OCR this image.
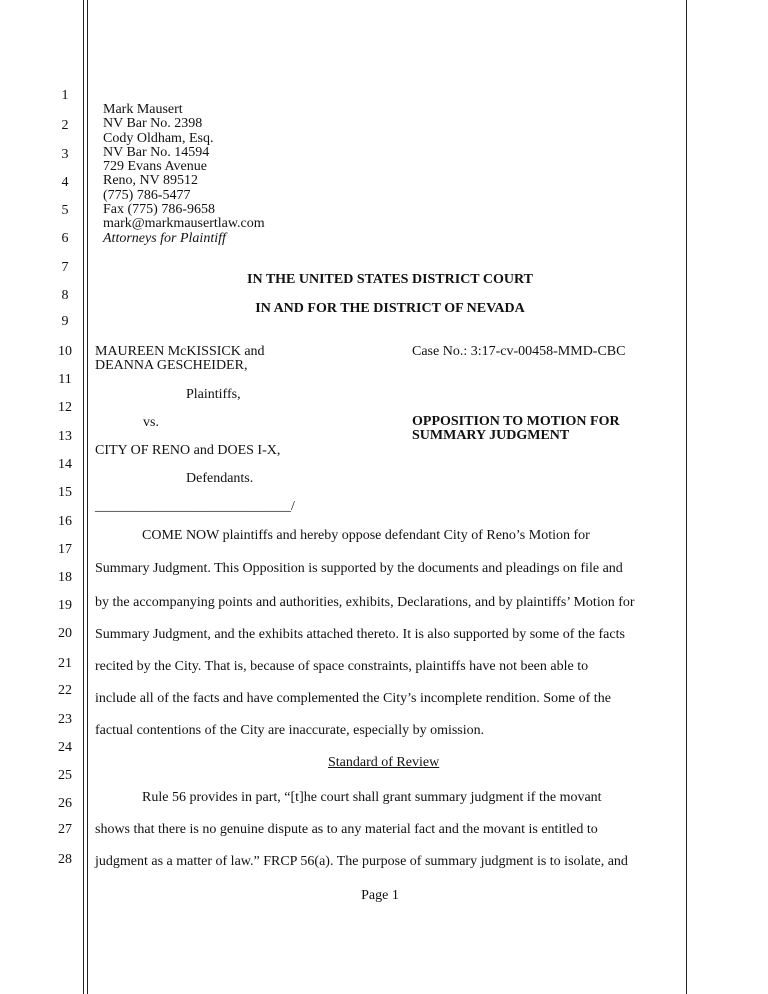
1
2
3
4
5
6
7
8
9
10
11
12
13
14
15
16
17
18
19
20
21
22
23
24
25
26
27
28
Mark Mausert
NV Bar No. 2398
Cody Oldham, Esq.
NV Bar No. 14594
729 Evans Avenue
Reno, NV 89512
(775) 786-5477
Fax (775) 786-9658
mark@markmausertlaw.com
Attorneys for Plaintiff
IN THE UNITED STATES DISTRICT COURT
IN AND FOR THE DISTRICT OF NEVADA
MAUREEN McKISSICK and
DEANNA GESCHEIDER,
Plaintiffs,
vs.
CITY OF RENO and DOES I-X,
Defendants.
____________________________/
Case No.: 3:17-cv-00458-MMD-CBC
OPPOSITION TO MOTION FOR
SUMMARY JUDGMENT
COME NOW plaintiffs and hereby oppose defendant City of Reno’s Motion for
Summary Judgment. This Opposition is supported by the documents and pleadings on file and
by the accompanying points and authorities, exhibits, Declarations, and by plaintiffs’ Motion for
Summary Judgment, and the exhibits attached thereto. It is also supported by some of the facts
recited by the City. That is, because of space constraints, plaintiffs have not been able to
include all of the facts and have complemented the City’s incomplete rendition. Some of the
factual contentions of the City are inaccurate, especially by omission.
Standard of Review
Rule 56 provides in part, “[t]he court shall grant summary judgment if the movant
shows that there is no genuine dispute as to any material fact and the movant is entitled to
judgment as a matter of law.” FRCP 56(a). The purpose of summary judgment is to isolate, and
Page 1
